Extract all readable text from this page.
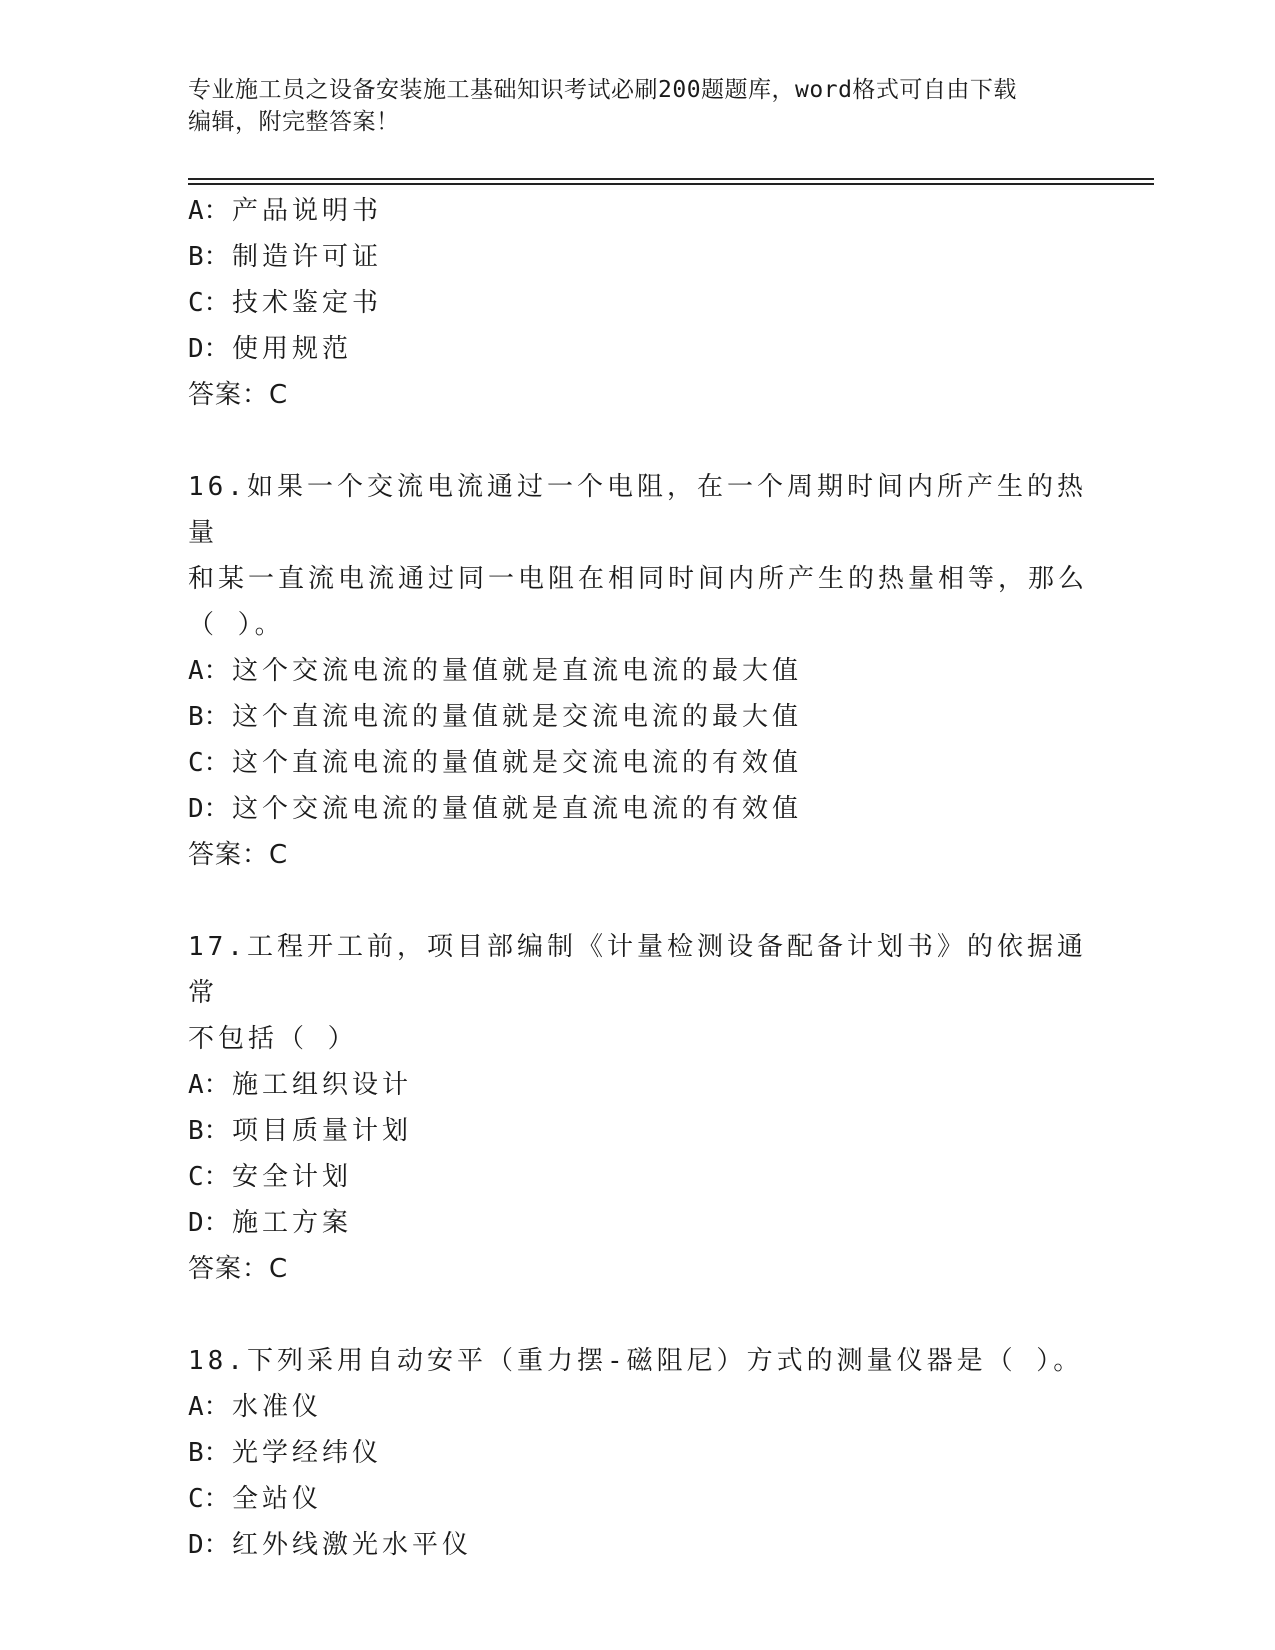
专业施工员之设备安装施工基础知识考试必刷200题题库，word格式可自由下载
编辑，附完整答案！
A：产品说明书
B：制造许可证
C：技术鉴定书
D：使用规范
答案：C
16.如果一个交流电流通过一个电阻，在一个周期时间内所产生的热量
和某一直流电流通过同一电阻在相同时间内所产生的热量相等，那么
（ ）。
A：这个交流电流的量值就是直流电流的最大值
B：这个直流电流的量值就是交流电流的最大值
C：这个直流电流的量值就是交流电流的有效值
D：这个交流电流的量值就是直流电流的有效值
答案：C
17.工程开工前，项目部编制《计量检测设备配备计划书》的依据通常
不包括（ ）
A：施工组织设计
B：项目质量计划
C：安全计划
D：施工方案
答案：C
18.下列采用自动安平（重力摆-磁阻尼）方式的测量仪器是（ ）。
A：水准仪
B：光学经纬仪
C：全站仪
D：红外线激光水平仪
